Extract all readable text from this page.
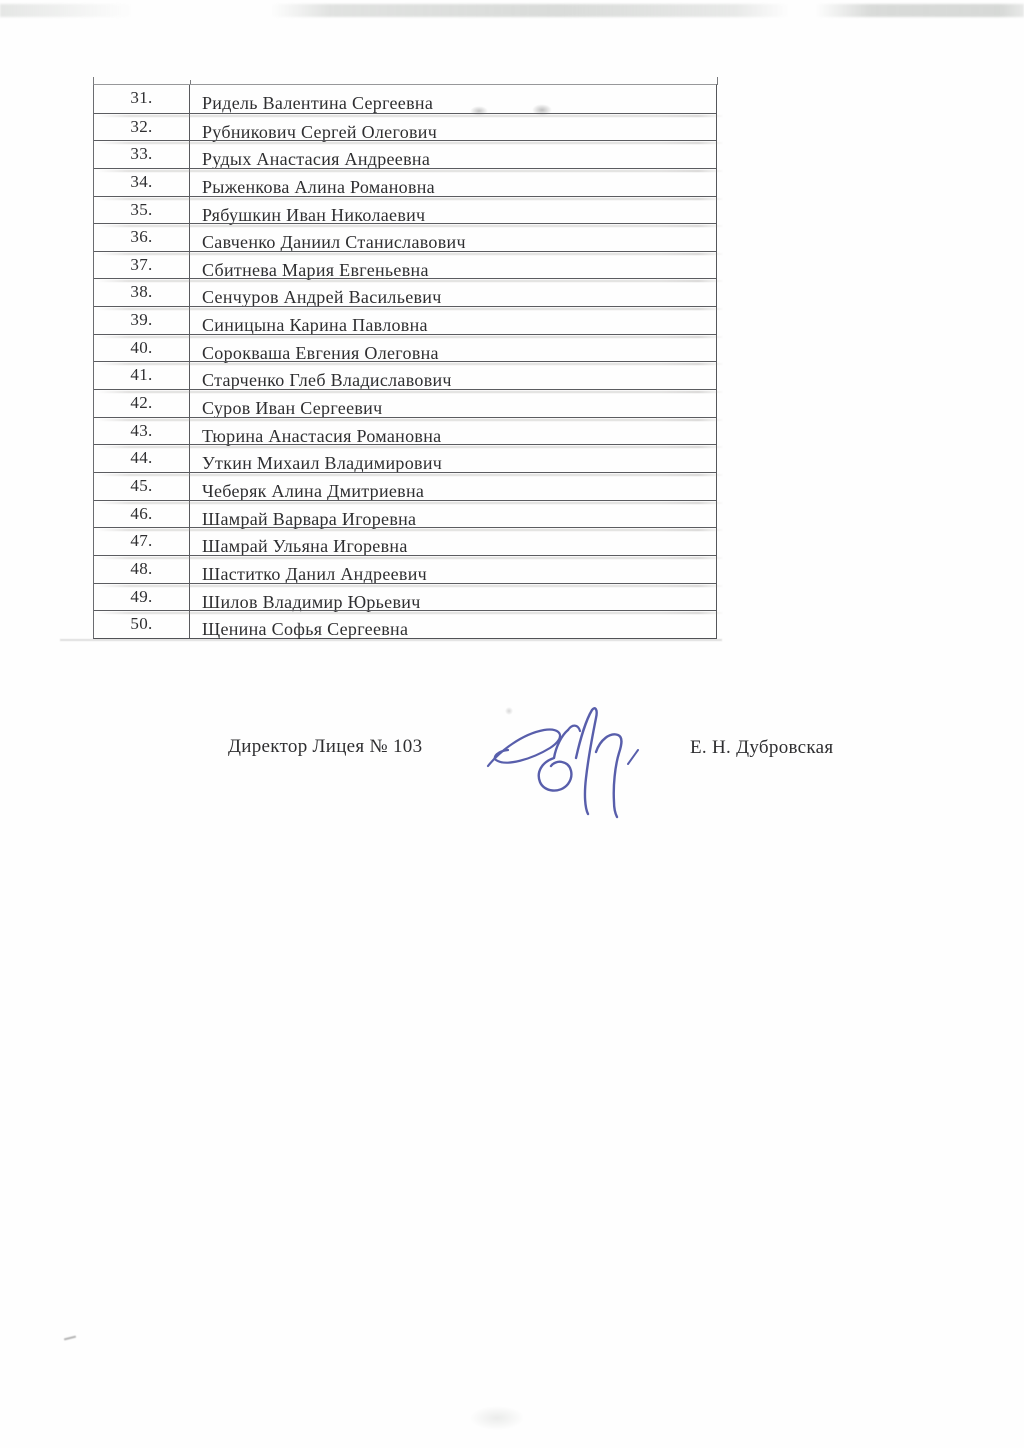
31.	Ридель Валентина Сергеевна
32.	Рубникович Сергей Олегович
33.	Рудых Анастасия Андреевна
34.	Рыженкова Алина Романовна
35.	Рябушкин Иван Николаевич
36.	Савченко Даниил Станиславович
37.	Сбитнева Мария Евгеньевна
38.	Сенчуров Андрей Васильевич
39.	Синицына Карина Павловна
40.	Сорокваша Евгения Олеговна
41.	Старченко Глеб Владиславович
42.	Суров Иван Сергеевич
43.	Тюрина Анастасия Романовна
44.	Уткин Михаил Владимирович
45.	Чеберяк Алина Дмитриевна
46.	Шамрай Варвара Игоревна
47.	Шамрай Ульяна Игоревна
48.	Шаститко Данил Андреевич
49.	Шилов Владимир Юрьевич
50.	Щенина Софья Сергеевна
Директор Лицея № 103	Е. Н. Дубровская
